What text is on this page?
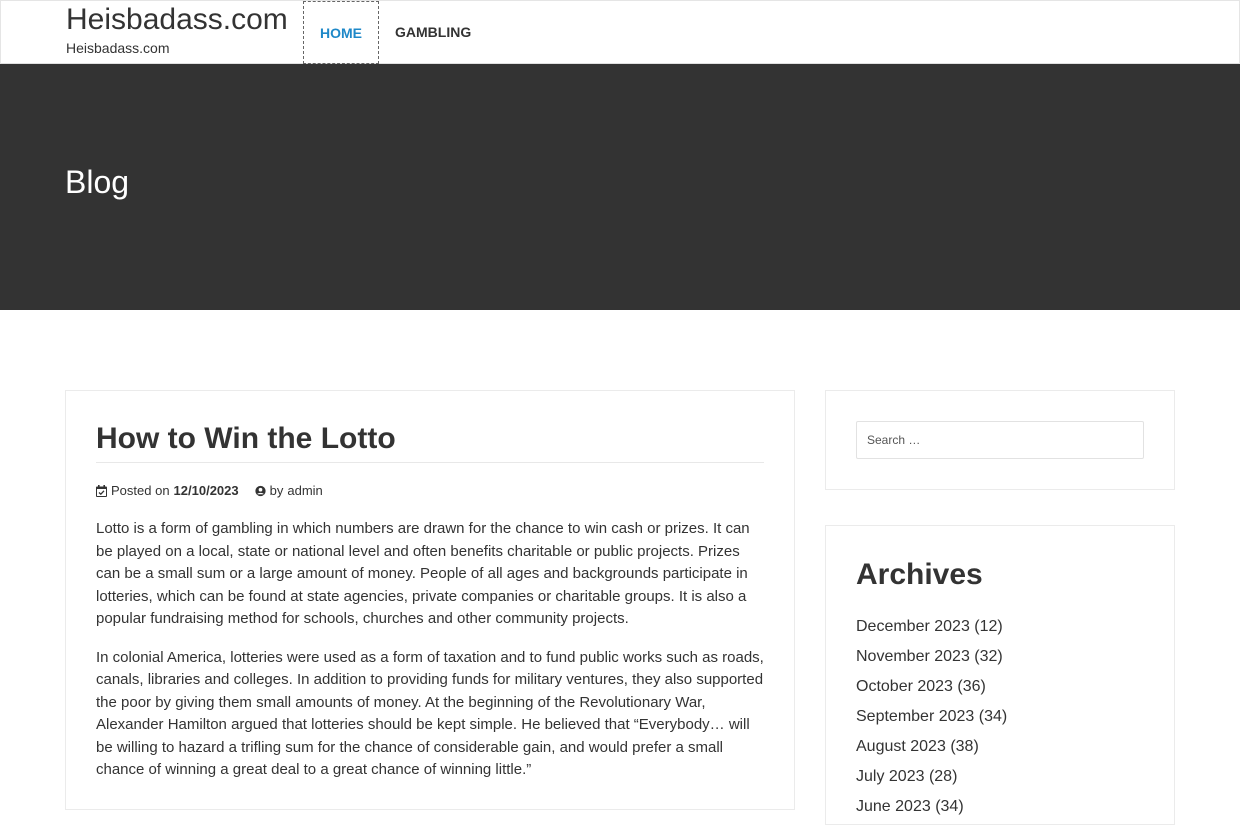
Heisbadass.com
Heisbadass.com
HOME	GAMBLING
Blog
How to Win the Lotto
Posted on 12/10/2023 by admin

Lotto is a form of gambling in which numbers are drawn for the chance to win cash or prizes. It can be played on a local, state or national level and often benefits charitable or public projects. Prizes can be a small sum or a large amount of money. People of all ages and backgrounds participate in lotteries, which can be found at state agencies, private companies or charitable groups. It is also a popular fundraising method for schools, churches and other community projects.

In colonial America, lotteries were used as a form of taxation and to fund public works such as roads, canals, libraries and colleges. In addition to providing funds for military ventures, they also supported the poor by giving them small amounts of money. At the beginning of the Revolutionary War, Alexander Hamilton argued that lotteries should be kept simple. He believed that “Everybody… will be willing to hazard a trifling sum for the chance of considerable gain, and would prefer a small chance of winning a great deal to a great chance of winning little.”

Search …
Archives
December 2023 (12)
November 2023 (32)
October 2023 (36)
September 2023 (34)
August 2023 (38)
July 2023 (28)
June 2023 (34)
